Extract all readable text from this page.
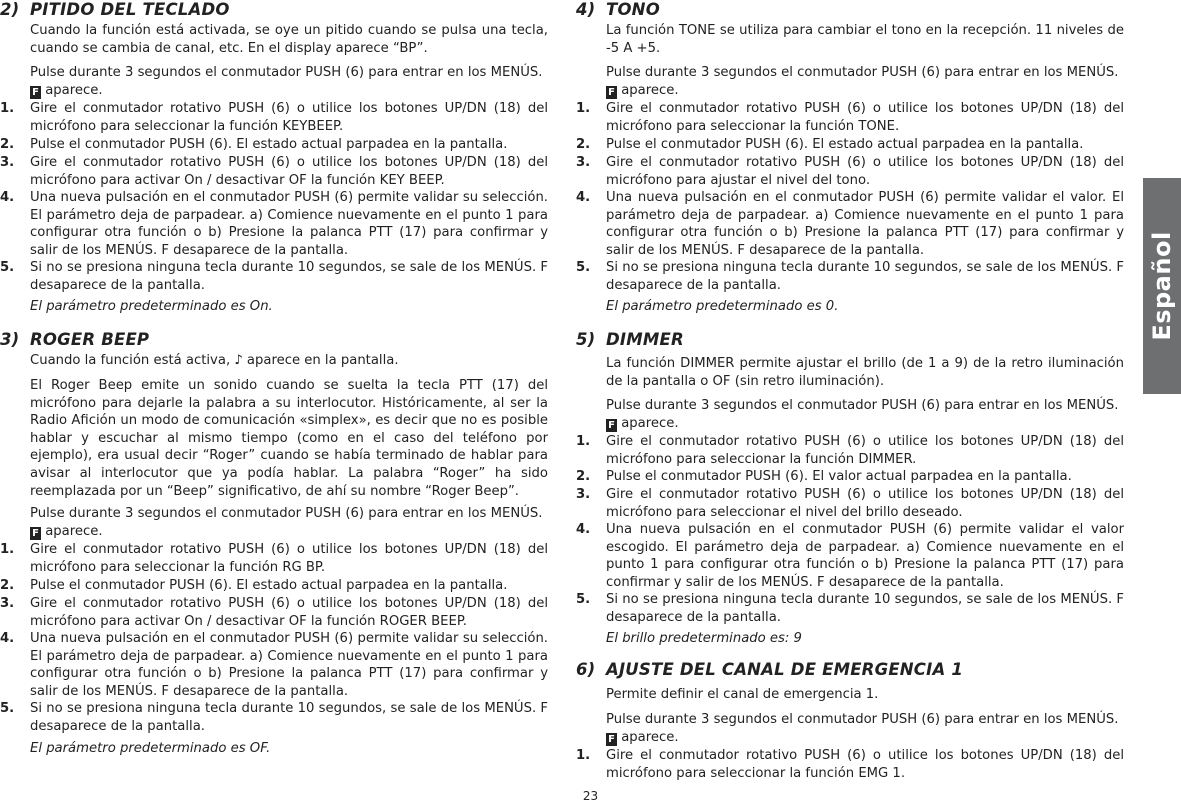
2) PITIDO DEL TECLADO
Cuando la función está activada, se oye un pitido cuando se pulsa una tecla, cuando se cambia de canal, etc. En el display aparece “BP”.
Pulse durante 3 segundos el conmutador PUSH (6) para entrar en los MENÚS.
F aparece.
1. Gire el conmutador rotativo PUSH (6) o utilice los botones UP/DN (18) del micrófono para seleccionar la función KEYBEEP.
2. Pulse el conmutador PUSH (6). El estado actual parpadea en la pantalla.
3. Gire el conmutador rotativo PUSH (6) o utilice los botones UP/DN (18) del micrófono para activar On / desactivar OF la función KEY BEEP.
4. Una nueva pulsación en el conmutador PUSH (6) permite validar su selección. El parámetro deja de parpadear. a) Comience nuevamente en el punto 1 para configurar otra función o b) Presione la palanca PTT (17) para confirmar y salir de los MENÚS. F desaparece de la pantalla.
5. Si no se presiona ninguna tecla durante 10 segundos, se sale de los MENÚS. F desaparece de la pantalla.
El parámetro predeterminado es On.
3) ROGER BEEP
Cuando la función está activa, ♪ aparece en la pantalla.
El Roger Beep emite un sonido cuando se suelta la tecla PTT (17) del micrófono para dejarle la palabra a su interlocutor. Históricamente, al ser la Radio Afición un modo de comunicación «simplex», es decir que no es posible hablar y escuchar al mismo tiempo (como en el caso del teléfono por ejemplo), era usual decir “Roger” cuando se había terminado de hablar para avisar al interlocutor que ya podía hablar. La palabra “Roger” ha sido reemplazada por un “Beep” significativo, de ahí su nombre “Roger Beep”.
Pulse durante 3 segundos el conmutador PUSH (6) para entrar en los MENÚS.
F aparece.
1. Gire el conmutador rotativo PUSH (6) o utilice los botones UP/DN (18) del micrófono para seleccionar la función RG BP.
2. Pulse el conmutador PUSH (6). El estado actual parpadea en la pantalla.
3. Gire el conmutador rotativo PUSH (6) o utilice los botones UP/DN (18) del micrófono para activar On / desactivar OF la función ROGER BEEP.
4. Una nueva pulsación en el conmutador PUSH (6) permite validar su selección. El parámetro deja de parpadear. a) Comience nuevamente en el punto 1 para configurar otra función o b) Presione la palanca PTT (17) para confirmar y salir de los MENÚS. F desaparece de la pantalla.
5. Si no se presiona ninguna tecla durante 10 segundos, se sale de los MENÚS. F desaparece de la pantalla.
El parámetro predeterminado es OF.
4) TONO
La función TONE se utiliza para cambiar el tono en la recepción. 11 niveles de -5 A +5.
Pulse durante 3 segundos el conmutador PUSH (6) para entrar en los MENÚS.
F aparece.
1. Gire el conmutador rotativo PUSH (6) o utilice los botones UP/DN (18) del micrófono para seleccionar la función TONE.
2. Pulse el conmutador PUSH (6). El estado actual parpadea en la pantalla.
3. Gire el conmutador rotativo PUSH (6) o utilice los botones UP/DN (18) del micrófono para ajustar el nivel del tono.
4. Una nueva pulsación en el conmutador PUSH (6) permite validar el valor. El parámetro deja de parpadear. a) Comience nuevamente en el punto 1 para configurar otra función o b) Presione la palanca PTT (17) para confirmar y salir de los MENÚS. F desaparece de la pantalla.
5. Si no se presiona ninguna tecla durante 10 segundos, se sale de los MENÚS. F desaparece de la pantalla.
El parámetro predeterminado es 0.
5) DIMMER
La función DIMMER permite ajustar el brillo (de 1 a 9) de la retro iluminación de la pantalla o OF (sin retro iluminación).
Pulse durante 3 segundos el conmutador PUSH (6) para entrar en los MENÚS.
F aparece.
1. Gire el conmutador rotativo PUSH (6) o utilice los botones UP/DN (18) del micrófono para seleccionar la función DIMMER.
2. Pulse el conmutador PUSH (6). El valor actual parpadea en la pantalla.
3. Gire el conmutador rotativo PUSH (6) o utilice los botones UP/DN (18) del micrófono para seleccionar el nivel del brillo deseado.
4. Una nueva pulsación en el conmutador PUSH (6) permite validar el valor escogido. El parámetro deja de parpadear. a) Comience nuevamente en el punto 1 para configurar otra función o b) Presione la palanca PTT (17) para confirmar y salir de los MENÚS. F desaparece de la pantalla.
5. Si no se presiona ninguna tecla durante 10 segundos, se sale de los MENÚS. F desaparece de la pantalla.
El brillo predeterminado es: 9
6) AJUSTE DEL CANAL DE EMERGENCIA 1
Permite definir el canal de emergencia 1.
Pulse durante 3 segundos el conmutador PUSH (6) para entrar en los MENÚS.
F aparece.
1. Gire el conmutador rotativo PUSH (6) o utilice los botones UP/DN (18) del micrófono para seleccionar la función EMG 1.
Español
23
